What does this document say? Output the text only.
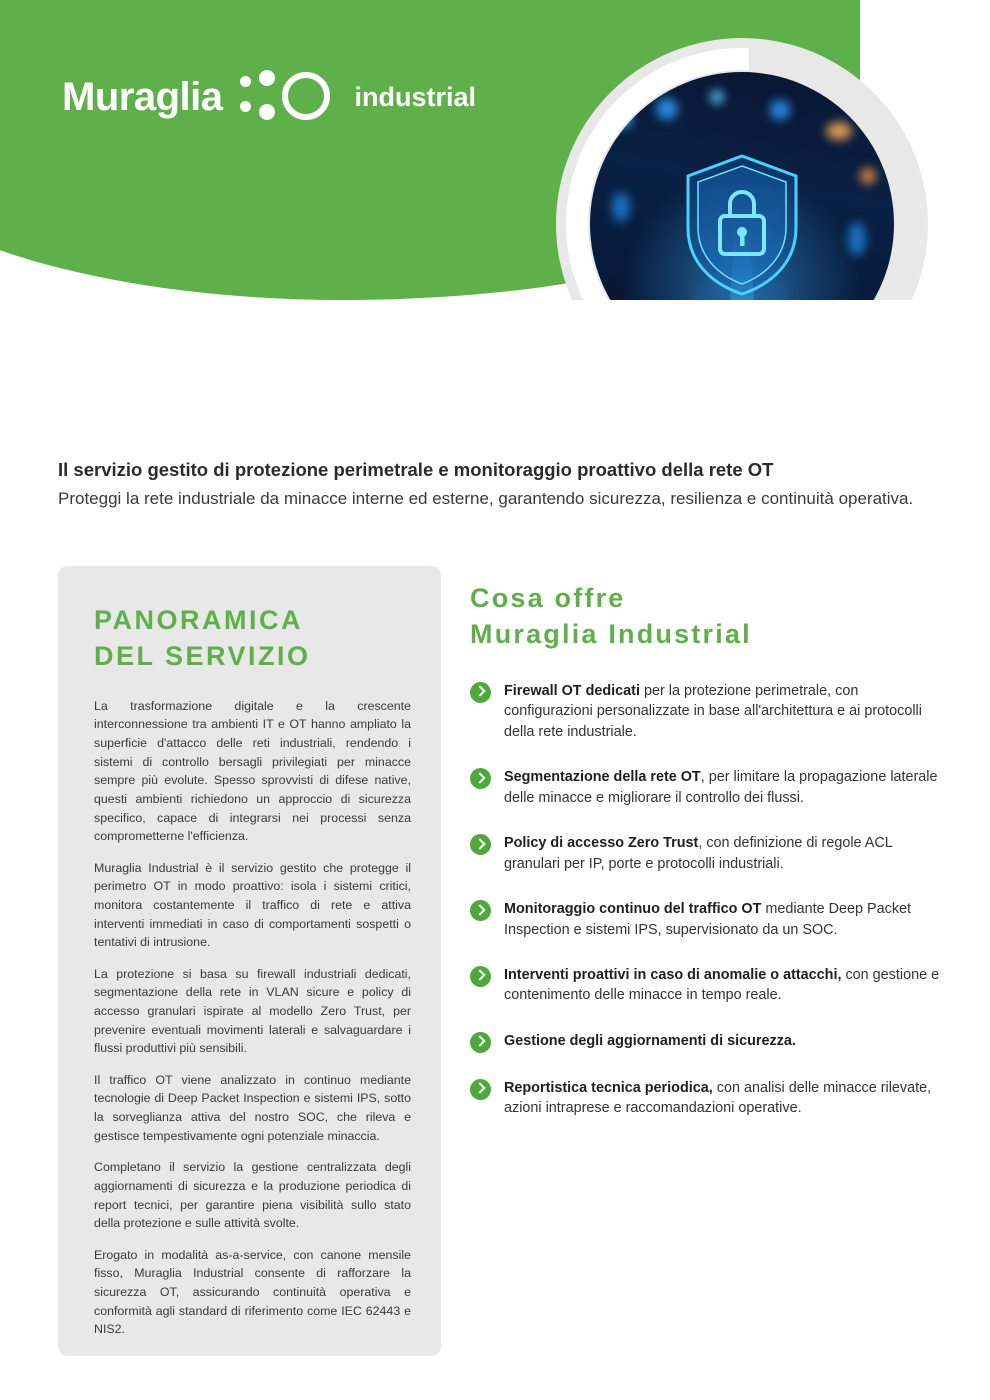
Muraglia	industrial
Il servizio gestito di protezione perimetrale e monitoraggio proattivo della rete OT
Proteggi la rete industriale da minacce interne ed esterne, garantendo sicurezza, resilienza e continuità operativa.
PANORAMICA
DEL SERVIZIO

La trasformazione digitale e la crescente interconnessione tra ambienti IT e OT hanno ampliato la superficie d'attacco delle reti industriali, rendendo i sistemi di controllo bersagli privilegiati per minacce sempre più evolute. Spesso sprovvisti di difese native, questi ambienti richiedono un approccio di sicurezza specifico, capace di integrarsi nei processi senza comprometterne l'efficienza.

Muraglia Industrial è il servizio gestito che protegge il perimetro OT in modo proattivo: isola i sistemi critici, monitora costantemente il traffico di rete e attiva interventi immediati in caso di comportamenti sospetti o tentativi di intrusione.

La protezione si basa su firewall industriali dedicati, segmentazione della rete in VLAN sicure e policy di accesso granulari ispirate al modello Zero Trust, per prevenire eventuali movimenti laterali e salvaguardare i flussi produttivi più sensibili.

Il traffico OT viene analizzato in continuo mediante tecnologie di Deep Packet Inspection e sistemi IPS, sotto la sorveglianza attiva del nostro SOC, che rileva e gestisce tempestivamente ogni potenziale minaccia.

Completano il servizio la gestione centralizzata degli aggiornamenti di sicurezza e la produzione periodica di report tecnici, per garantire piena visibilità sullo stato della protezione e sulle attività svolte.

Erogato in modalità as-a-service, con canone mensile fisso, Muraglia Industrial consente di rafforzare la sicurezza OT, assicurando continuità operativa e conformità agli standard di riferimento come IEC 62443 e NIS2.

Cosa offre
Muraglia Industrial
Firewall OT dedicati per la protezione perimetrale, con configurazioni personalizzate in base all'architettura e ai protocolli della rete industriale.
Segmentazione della rete OT, per limitare la propagazione laterale delle minacce e migliorare il controllo dei flussi.
Policy di accesso Zero Trust, con definizione di regole ACL granulari per IP, porte e protocolli industriali.
Monitoraggio continuo del traffico OT mediante Deep Packet Inspection e sistemi IPS, supervisionato da un SOC.
Interventi proattivi in caso di anomalie o attacchi, con gestione e contenimento delle minacce in tempo reale.
Gestione degli aggiornamenti di sicurezza.
Reportistica tecnica periodica, con analisi delle minacce rilevate, azioni intraprese e raccomandazioni operative.
